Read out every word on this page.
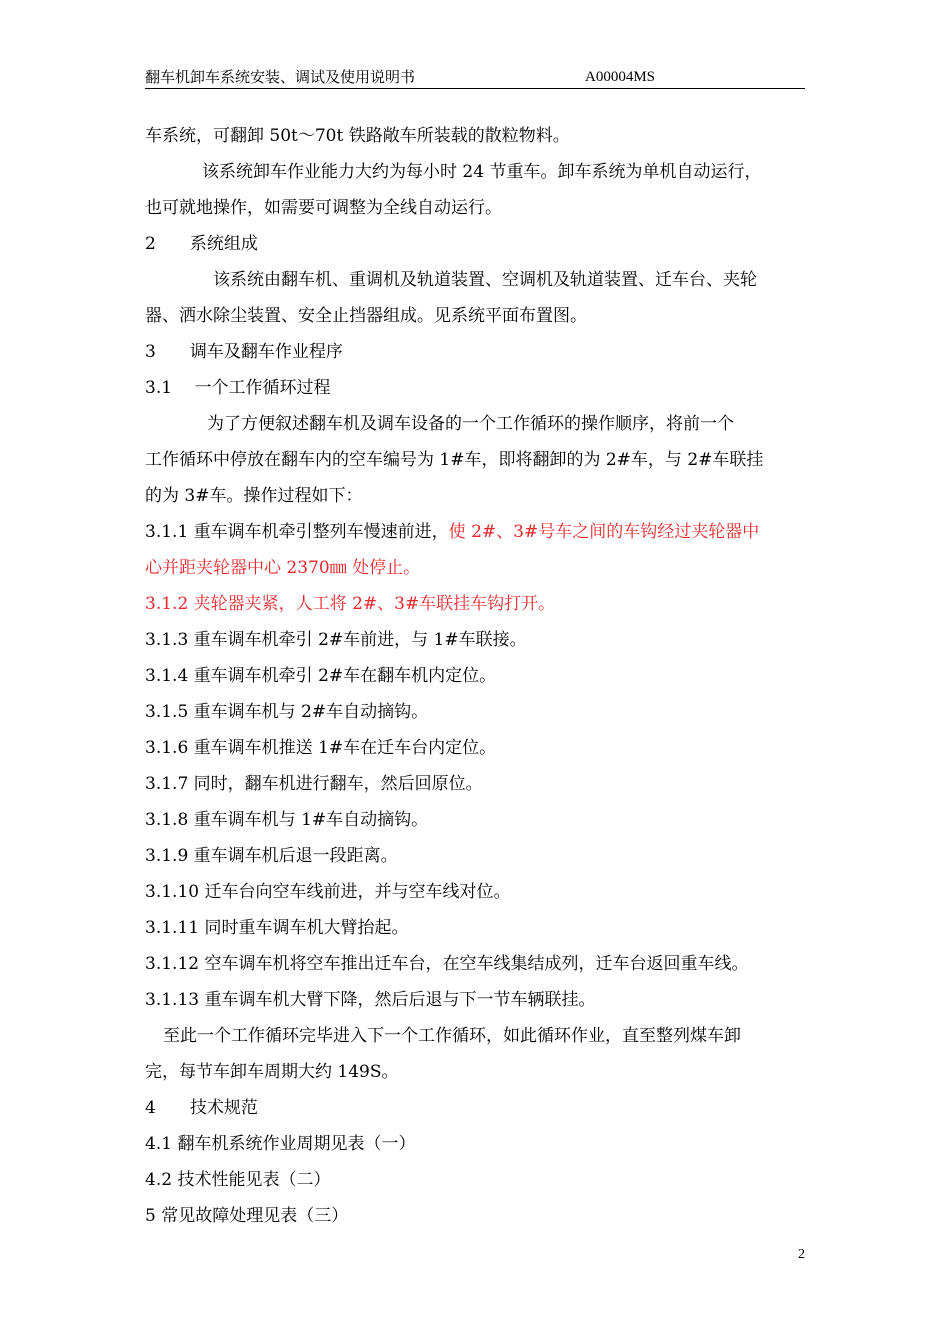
翻车机卸车系统安装、调试及使用说明书	A00004MS

车系统，可翻卸 50t～70t 铁路敞车所装载的散粒物料。

该系统卸车作业能力大约为每小时 24 节重车。卸车系统为单机自动运行，

也可就地操作，如需要可调整为全线自动运行。

2　　系统组成

该系统由翻车机、重调机及轨道装置、空调机及轨道装置、迁车台、夹轮

器、洒水除尘装置、安全止挡器组成。见系统平面布置图。

3　　调车及翻车作业程序

3.1　 一个工作循环过程

为了方便叙述翻车机及调车设备的一个工作循环的操作顺序，将前一个

工作循环中停放在翻车内的空车编号为 1#车，即将翻卸的为 2#车，与 2#车联挂

的为 3#车。操作过程如下：

3.1.1 重车调车机牵引整列车慢速前进，使 2#、3#号车之间的车钩经过夹轮器中

心并距夹轮器中心 2370㎜ 处停止。

3.1.2 夹轮器夹紧，人工将 2#、3#车联挂车钩打开。

3.1.3 重车调车机牵引 2#车前进，与 1#车联接。

3.1.4 重车调车机牵引 2#车在翻车机内定位。

3.1.5 重车调车机与 2#车自动摘钩。

3.1.6 重车调车机推送 1#车在迁车台内定位。

3.1.7 同时，翻车机进行翻车，然后回原位。

3.1.8 重车调车机与 1#车自动摘钩。

3.1.9 重车调车机后退一段距离。

3.1.10 迁车台向空车线前进，并与空车线对位。

3.1.11 同时重车调车机大臂抬起。

3.1.12 空车调车机将空车推出迁车台，在空车线集结成列，迁车台返回重车线。

3.1.13 重车调车机大臂下降，然后后退与下一节车辆联挂。

至此一个工作循环完毕进入下一个工作循环，如此循环作业，直至整列煤车卸

完，每节车卸车周期大约 149S。

4　　技术规范

4.1 翻车机系统作业周期见表（一）

4.2 技术性能见表（二）

5 常见故障处理见表（三）

2
